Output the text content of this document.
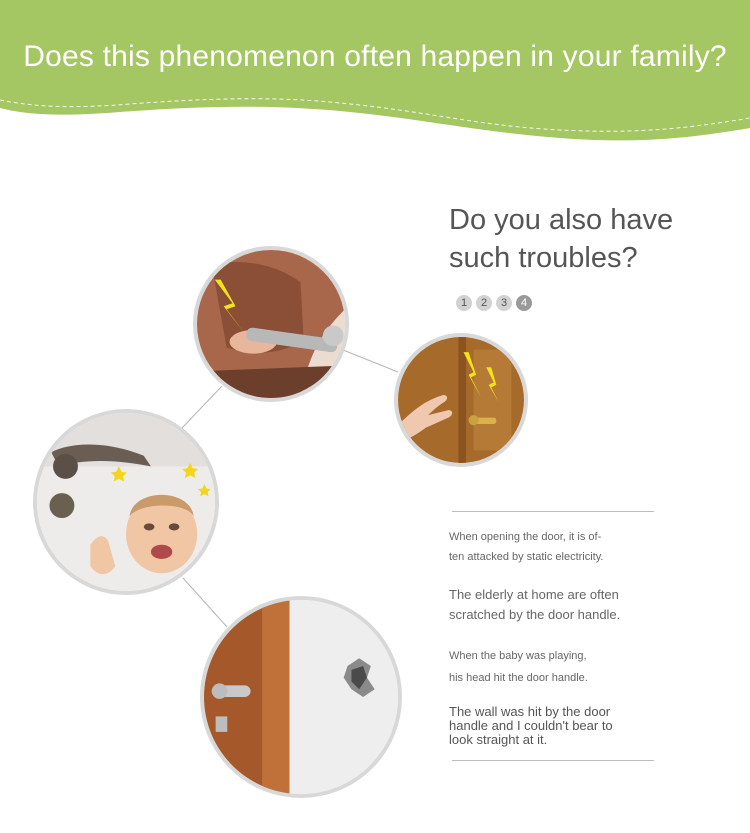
Does this phenomenon often happen in your family?
Do you also have
such troubles?
1	2	3	4
When opening the door, it is of-
ten attacked by static electricity.
The elderly at home are often
scratched by the door handle.
When the baby was playing,
his head hit the door handle.
The wall was hit by the door
handle and I couldn't bear to
look straight at it.
